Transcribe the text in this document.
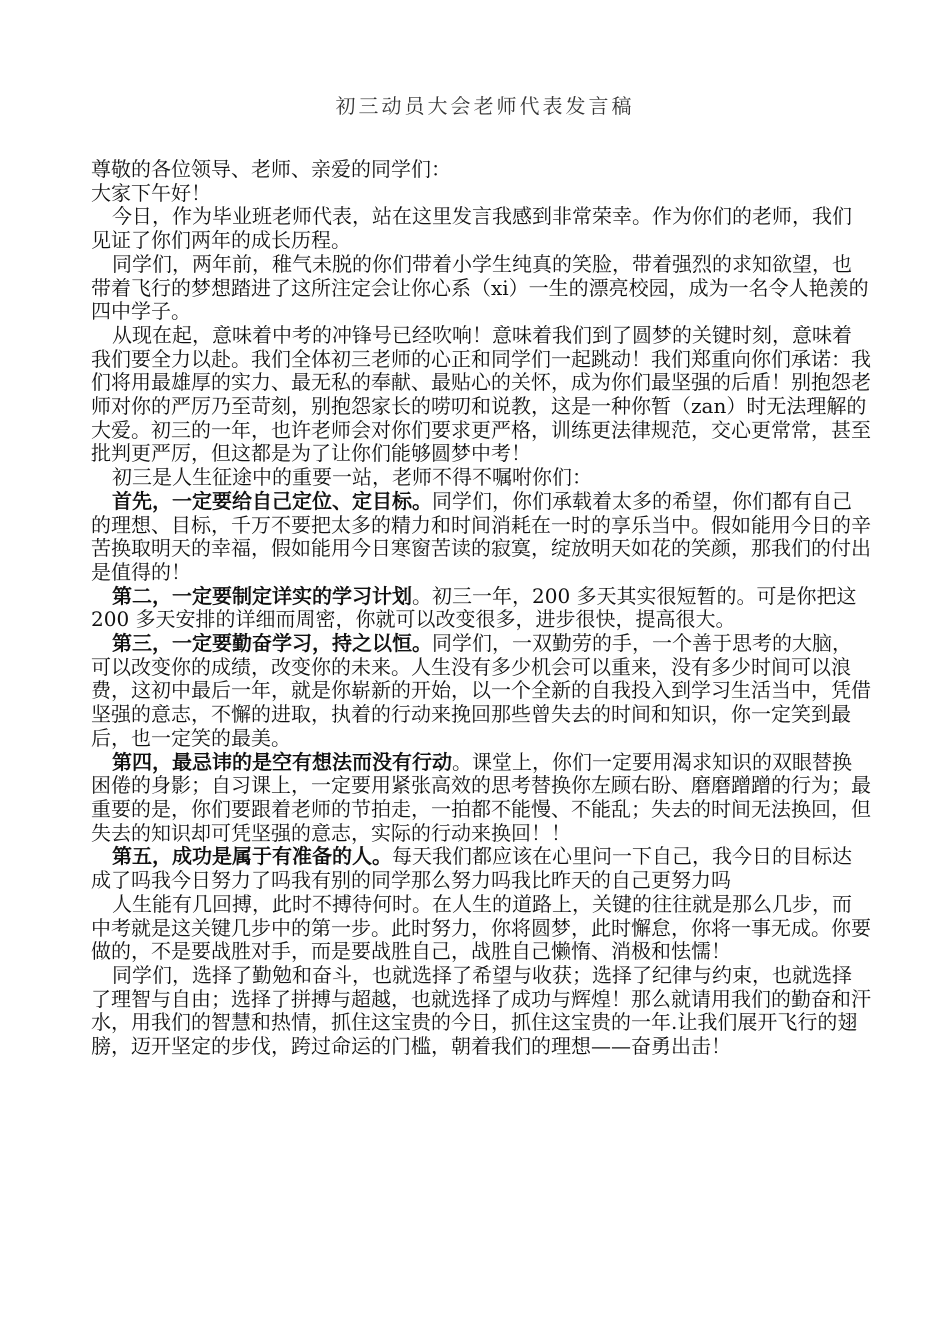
初三动员大会老师代表发言稿

尊敬的各位领导、老师、亲爱的同学们：

大家下午好！

今日，作为毕业班老师代表，站在这里发言我感到非常荣幸。作为你们的老师，我们见证了你们两年的成长历程。

同学们，两年前，稚气未脱的你们带着小学生纯真的笑脸，带着强烈的求知欲望，也带着飞行的梦想踏进了这所注定会让你心系（xi）一生的漂亮校园，成为一名令人艳羡的四中学子。

从现在起，意味着中考的冲锋号已经吹响！意味着我们到了圆梦的关键时刻，意味着我们要全力以赴。我们全体初三老师的心正和同学们一起跳动！我们郑重向你们承诺：我们将用最雄厚的实力、最无私的奉献、最贴心的关怀，成为你们最坚强的后盾！别抱怨老师对你的严厉乃至苛刻，别抱怨家长的唠叨和说教，这是一种你暂（zan）时无法理解的大爱。初三的一年，也许老师会对你们要求更严格，训练更法律规范，交心更常常，甚至批判更严厉，但这都是为了让你们能够圆梦中考！

初三是人生征途中的重要一站，老师不得不嘱咐你们：

首先，一定要给自己定位、定目标。同学们，你们承载着太多的希望，你们都有自己的理想、目标，千万不要把太多的精力和时间消耗在一时的享乐当中。假如能用今日的辛苦换取明天的幸福，假如能用今日寒窗苦读的寂寞，绽放明天如花的笑颜，那我们的付出是值得的！

第二，一定要制定详实的学习计划。初三一年，200 多天其实很短暂的。可是你把这 200 多天安排的详细而周密，你就可以改变很多，进步很快，提高很大。

第三，一定要勤奋学习，持之以恒。同学们，一双勤劳的手，一个善于思考的大脑，可以改变你的成绩，改变你的未来。人生没有多少机会可以重来，没有多少时间可以浪费，这初中最后一年，就是你崭新的开始，以一个全新的自我投入到学习生活当中，凭借坚强的意志，不懈的进取，执着的行动来挽回那些曾失去的时间和知识，你一定笑到最后，也一定笑的最美。

第四，最忌讳的是空有想法而没有行动。课堂上，你们一定要用渴求知识的双眼替换困倦的身影；自习课上，一定要用紧张高效的思考替换你左顾右盼、磨磨蹭蹭的行为；最重要的是，你们要跟着老师的节拍走，一拍都不能慢、不能乱；失去的时间无法换回，但失去的知识却可凭坚强的意志，实际的行动来换回！！

第五，成功是属于有准备的人。每天我们都应该在心里问一下自己，我今日的目标达成了吗我今日努力了吗我有别的同学那么努力吗我比昨天的自己更努力吗

人生能有几回搏，此时不搏待何时。在人生的道路上，关键的往往就是那么几步，而中考就是这关键几步中的第一步。此时努力，你将圆梦，此时懈怠，你将一事无成。你要做的，不是要战胜对手，而是要战胜自己，战胜自己懒惰、消极和怯懦！

同学们，选择了勤勉和奋斗，也就选择了希望与收获；选择了纪律与约束，也就选择了理智与自由；选择了拼搏与超越，也就选择了成功与辉煌！那么就请用我们的勤奋和汗水，用我们的智慧和热情，抓住这宝贵的今日，抓住这宝贵的一年.让我们展开飞行的翅膀，迈开坚定的步伐，跨过命运的门槛，朝着我们的理想——奋勇出击！
